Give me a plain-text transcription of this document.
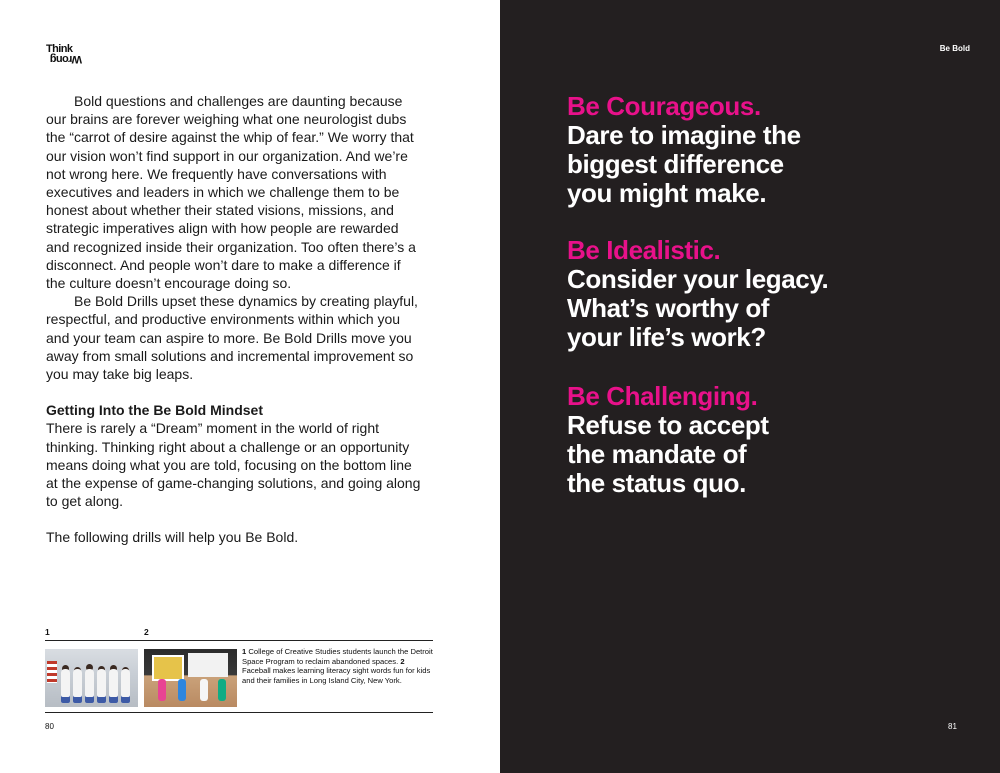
Think
Wrong

Bold questions and challenges are daunting because our brains are forever weighing what one neurologist dubs the “carrot of desire against the whip of fear.” We worry that our vision won’t find support in our organization. And we’re not wrong here. We frequently have conversations with executives and leaders in which we challenge them to be honest about whether their stated visions, missions, and strategic imperatives align with how people are rewarded and recognized inside their organization. Too often there’s a disconnect. And people won’t dare to make a difference if the culture doesn’t encourage doing so.

Be Bold Drills upset these dynamics by creating playful, respectful, and productive environments within which you and your team can aspire to more. Be Bold Drills move you away from small solutions and incremental improvement so you may take big leaps.

Getting Into the Be Bold Mindset

There is rarely a “Dream” moment in the world of right thinking. Thinking right about a challenge or an opportunity means doing what you are told, focusing on the bottom line at the expense of game-changing solutions, and going along to get along.

The following drills will help you Be Bold.

1	2
1 College of Creative Studies students launch the Detroit Space Program to reclaim abandoned spaces. 2 Faceball makes learning literacy sight words fun for kids and their families in Long Island City, New York.
80
Be Bold
Be Courageous.
Dare to imagine the
biggest difference
you might make.
Be Idealistic.
Consider your legacy.
What’s worthy of
your life’s work?
Be Challenging.
Refuse to accept
the mandate of
the status quo.
81
